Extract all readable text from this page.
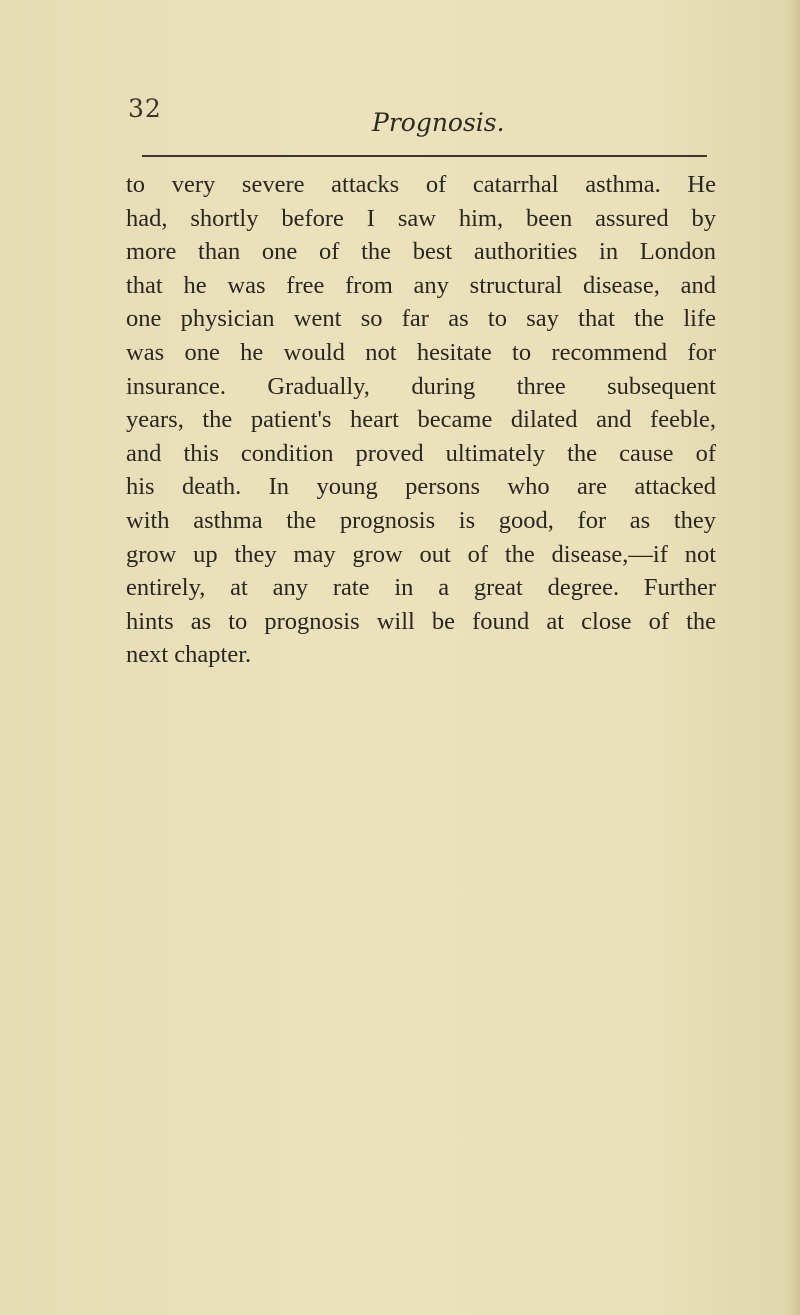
32	Prognosis.
to very severe attacks of catarrhal asthma. He
had, shortly before I saw him, been assured by
more than one of the best authorities in London
that he was free from any structural disease, and
one physician went so far as to say that the life
was one he would not hesitate to recommend for
insurance. Gradually, during three subsequent
years, the patient's heart became dilated and feeble,
and this condition proved ultimately the cause of
his death. In young persons who are attacked
with asthma the prognosis is good, for as they
grow up they may grow out of the disease,—if not
entirely, at any rate in a great degree. Further
hints as to prognosis will be found at close of the
next chapter.
